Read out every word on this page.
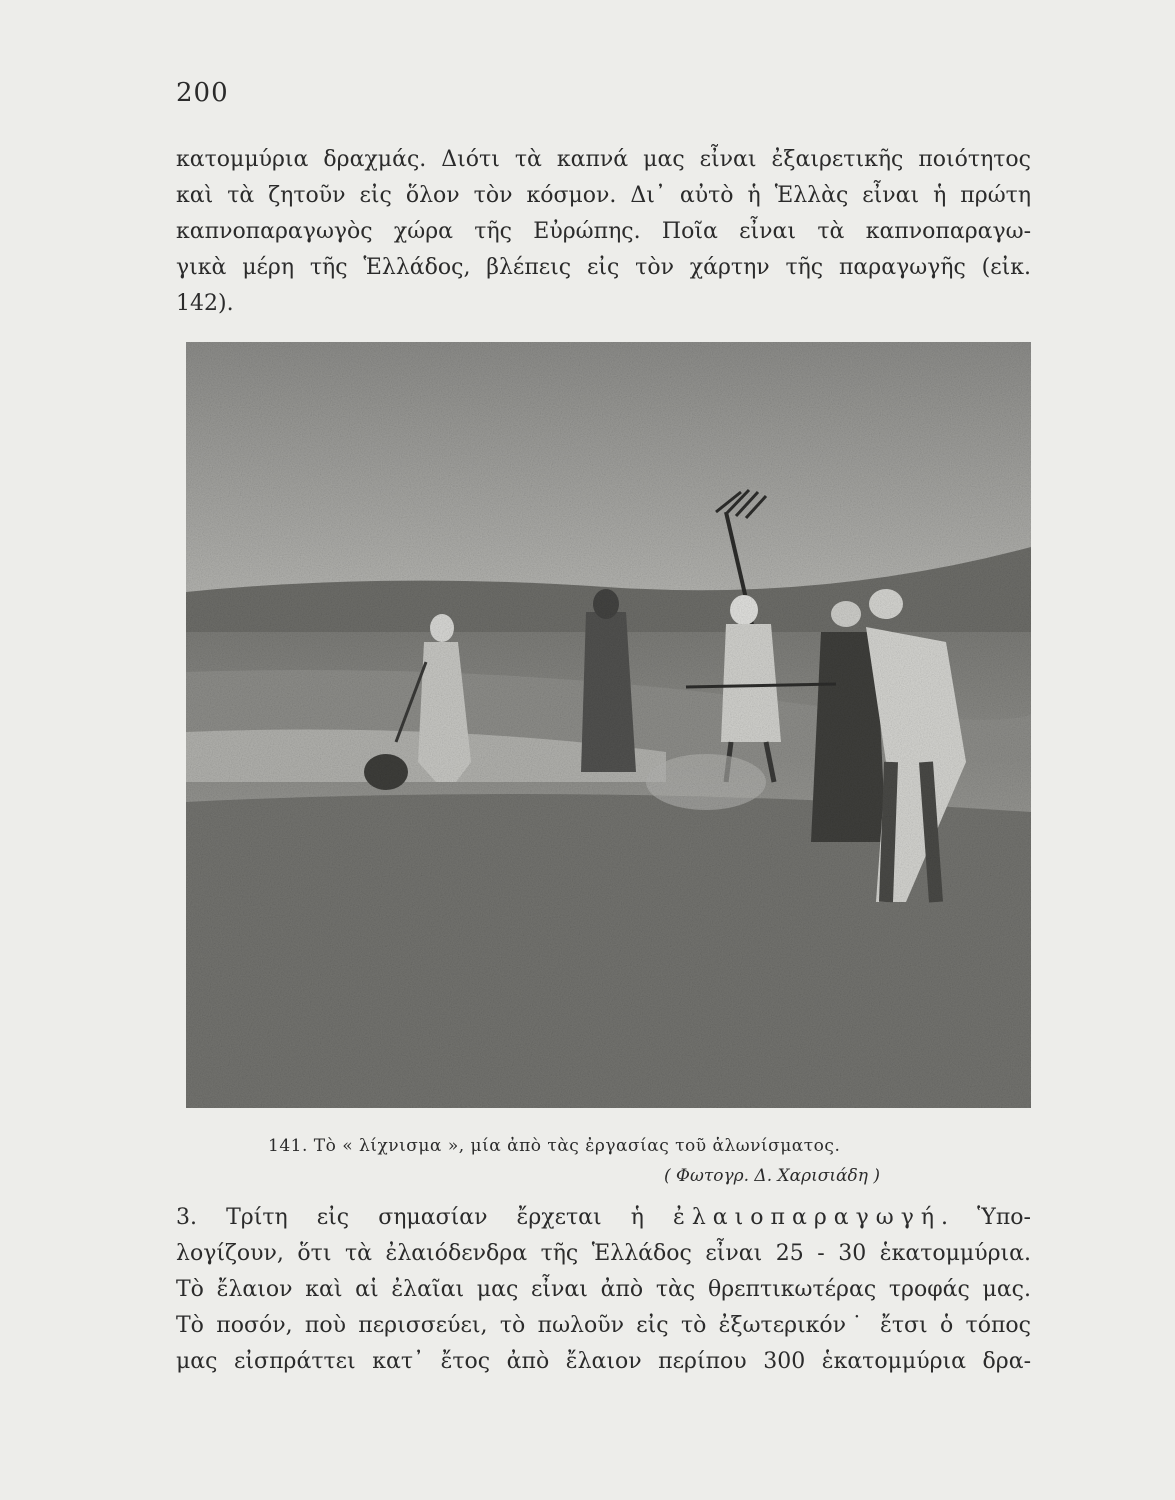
200
κατομμύρια δραχμάς. Διότι τὰ καπνά μας εἶναι ἐξαιρετικῆς ποιότητος
καὶ τὰ ζητοῦν εἰς ὅλον τὸν κόσμον. Δι᾽ αὐτὸ ἡ Ἑλλὰς εἶναι ἡ πρώτη
καπνοπαραγωγὸς χώρα τῆς Εὐρώπης. Ποῖα εἶναι τὰ καπνοπαραγω-
γικὰ μέρη τῆς Ἑλλάδος, βλέπεις εἰς τὸν χάρτην τῆς παραγωγῆς (εἰκ.
142).
141. Τὸ « λίχνισμα », μία ἀπὸ τὰς ἐργασίας τοῦ ἁλωνίσματος.
( Φωτογρ. Δ. Χαρισιάδη )
3. Τρίτη εἰς σημασίαν ἔρχεται ἡ ἐλαιοπαραγωγή. Ὑπο-
λογίζουν, ὅτι τὰ ἐλαιόδενδρα τῆς Ἑλλάδος εἶναι 25 - 30 ἑκατομμύρια.
Τὸ ἔλαιον καὶ αἱ ἐλαῖαι μας εἶναι ἀπὸ τὰς θρεπτικωτέρας τροφάς μας.
Τὸ ποσόν, ποὺ περισσεύει, τὸ πωλοῦν εἰς τὸ ἐξωτερικόν˙ ἔτσι ὁ τόπος
μας εἰσπράττει κατ᾽ ἔτος ἀπὸ ἔλαιον περίπου 300 ἑκατομμύρια δρα-
